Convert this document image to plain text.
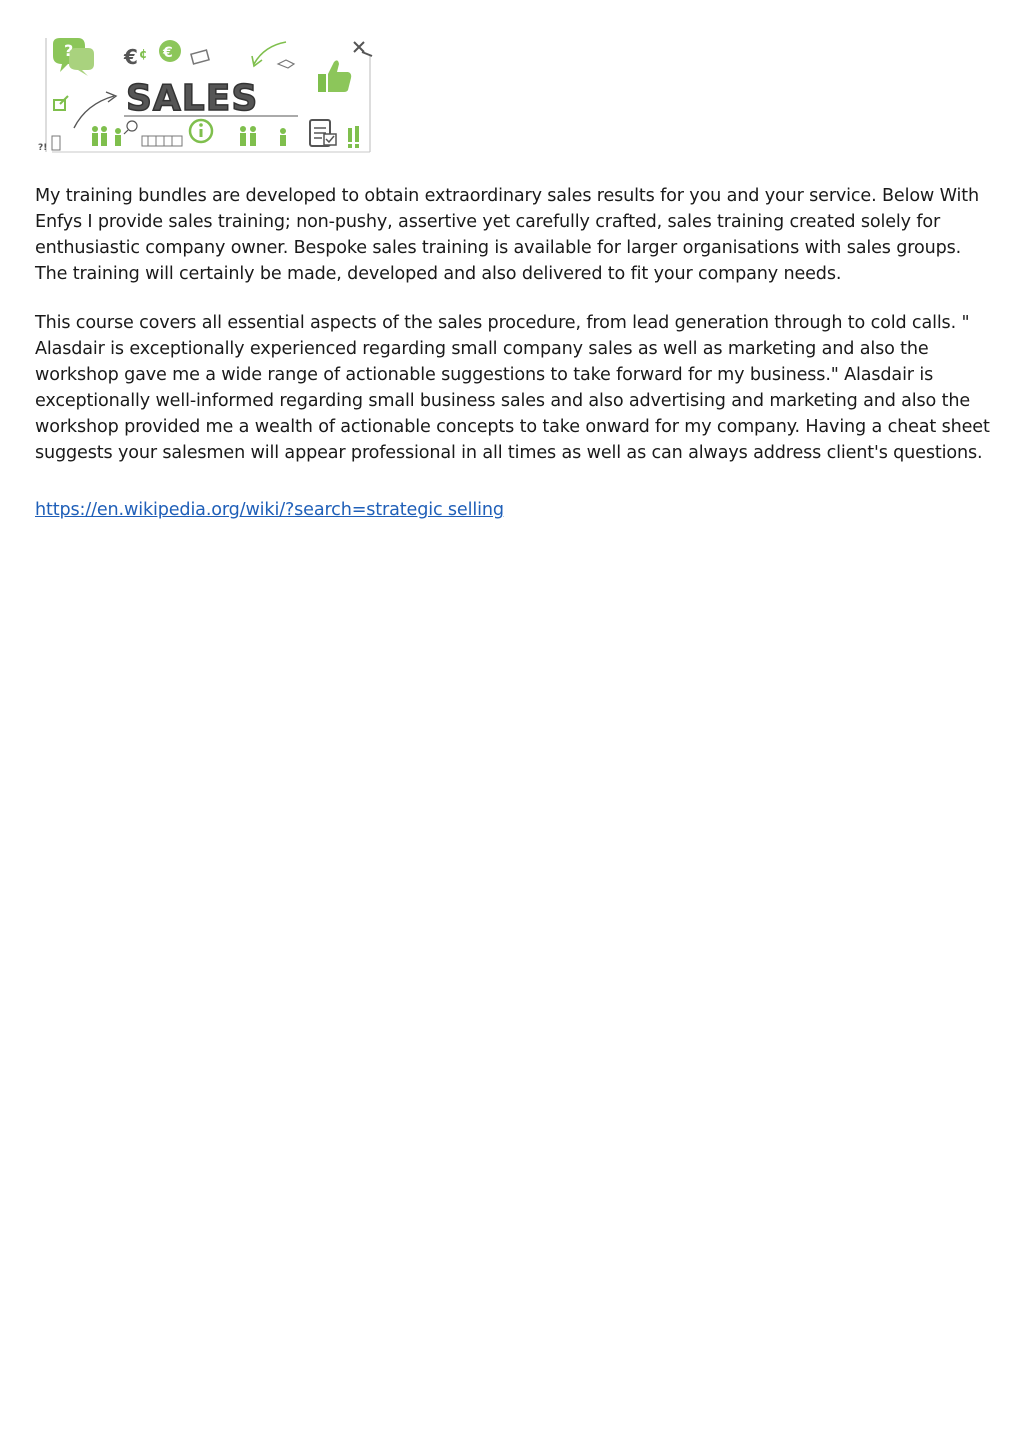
?	€ ¢ €
SALES
?!

My training bundles are developed to obtain extraordinary sales results for you and your service. Below With Enfys I provide sales training; non-pushy, assertive yet carefully crafted, sales training created solely for enthusiastic company owner. Bespoke sales training is available for larger organisations with sales groups. The training will certainly be made, developed and also delivered to fit your company needs.

This course covers all essential aspects of the sales procedure, from lead generation through to cold calls. " Alasdair is exceptionally experienced regarding small company sales as well as marketing and also the workshop gave me a wide range of actionable suggestions to take forward for my business." Alasdair is exceptionally well-informed regarding small business sales and also advertising and marketing and also the workshop provided me a wealth of actionable concepts to take onward for my company. Having a cheat sheet suggests your salesmen will appear professional in all times as well as can always address client's questions.

https://en.wikipedia.org/wiki/?search=strategic selling
